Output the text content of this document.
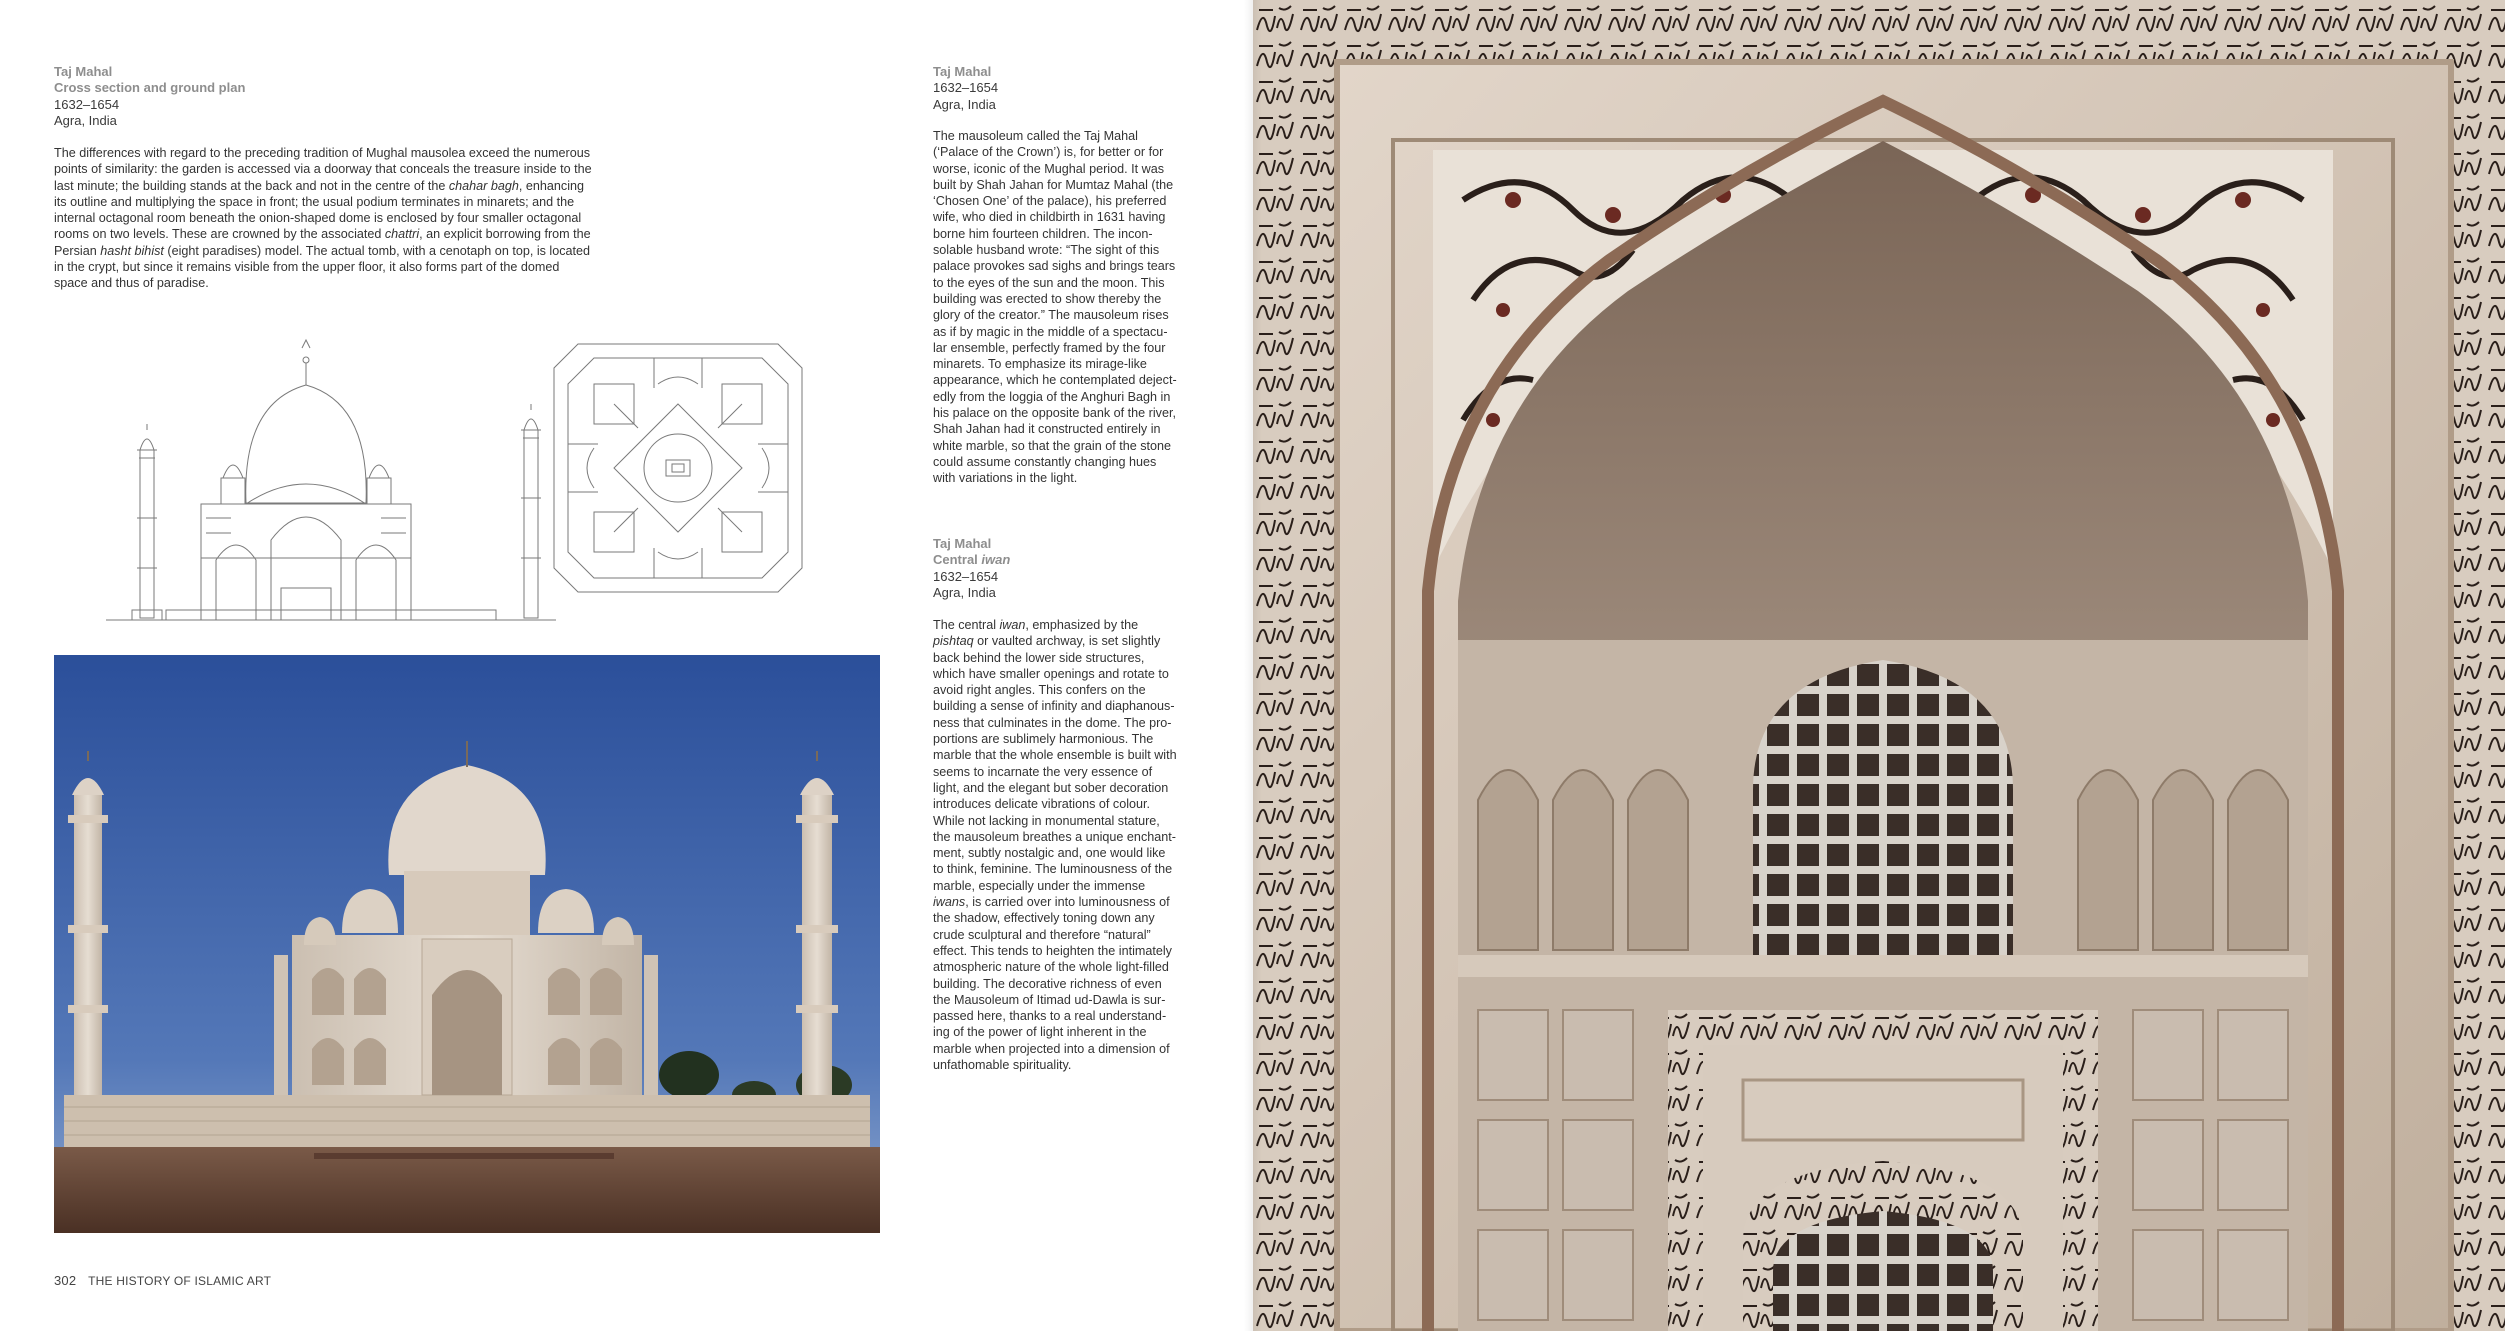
Taj Mahal
Cross section and ground plan
1632–1654
Agra, India

The differences with regard to the preceding tradition of Mughal mausolea exceed the numerous points of similarity: the garden is accessed via a doorway that conceals the treasure inside to the last minute; the building stands at the back and not in the centre of the chahar bagh, enhancing its outline and multiplying the space in front; the usual podium terminates in minarets; and the internal octagonal room beneath the onion-shaped dome is enclosed by four smaller octagonal rooms on two levels. These are crowned by the associated chattri, an explicit borrowing from the Persian hasht bihist (eight paradises) model. The actual tomb, with a cenotaph on top, is located in the crypt, but since it remains visible from the upper floor, it also forms part of the domed space and thus of paradise.

Taj Mahal
1632–1654
Agra, India

The mausoleum called the Taj Mahal (‘Palace of the Crown’) is, for better or for worse, iconic of the Mughal period. It was built by Shah Jahan for Mumtaz Mahal (the ‘Chosen One’ of the palace), his preferred wife, who died in childbirth in 1631 having borne him fourteen children. The inconsolable husband wrote: “The sight of this palace provokes sad sighs and brings tears to the eyes of the sun and the moon. This building was erected to show thereby the glory of the creator.” The mausoleum rises as if by magic in the middle of a spectacular ensemble, perfectly framed by the four minarets. To emphasize its mirage-like appearance, which he contemplated dejectedly from the loggia of the Anghuri Bagh in his palace on the opposite bank of the river, Shah Jahan had it constructed entirely in white marble, so that the grain of the stone could assume constantly changing hues with variations in the light.

Taj Mahal
Central iwan
1632–1654
Agra, India

The central iwan, emphasized by the pishtaq or vaulted archway, is set slightly back behind the lower side structures, which have smaller openings and rotate to avoid right angles. This confers on the building a sense of infinity and diaphanousness that culminates in the dome. The proportions are sublimely harmonious. The marble that the whole ensemble is built with seems to incarnate the very essence of light, and the elegant but sober decoration introduces delicate vibrations of colour. While not lacking in monumental stature, the mausoleum breathes a unique enchantment, subtly nostalgic and, one would like to think, feminine. The luminousness of the marble, especially under the immense iwans, is carried over into luminousness of the shadow, effectively toning down any crude sculptural and therefore “natural” effect. This tends to heighten the intimately atmospheric nature of the whole light-filled building. The decorative richness of even the Mausoleum of Itimad ud-Dawla is surpassed here, thanks to a real understanding of the power of light inherent in the marble when projected into a dimension of unfathomable spirituality.

302 THE HISTORY OF ISLAMIC ART
